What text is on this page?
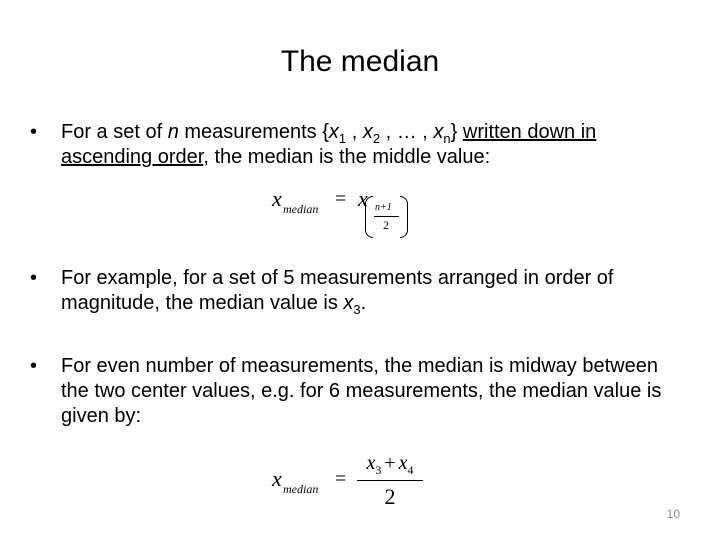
The median
• For a set of n measurements {$x_1$ , $x_2$ , … , $x_n$} written down in ascending order, the median is the middle value:
x median = x n+1
2
• For example, for a set of 5 measurements arranged in order of magnitude, the median value is $x_3$.
• For even number of measurements, the median is midway between the two center values, e.g. for 6 measurements, the median value is given by:
x median =
$x_3 + x_4$
2
10
